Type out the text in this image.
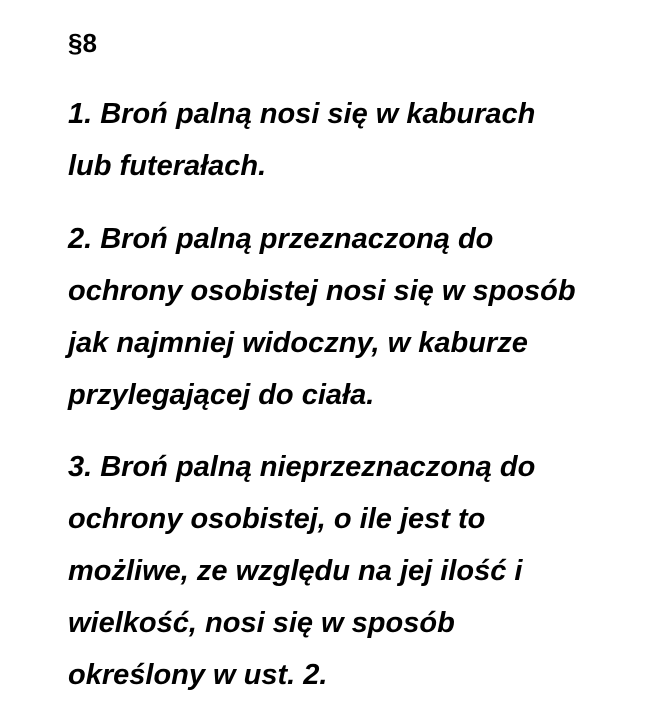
§8

1. Broń palną nosi się w kaburach
lub futerałach.

2. Broń palną przeznaczoną do
ochrony osobistej nosi się w sposób
jak najmniej widoczny, w kaburze
przylegającej do ciała.

3. Broń palną nieprzeznaczoną do
ochrony osobistej, o ile jest to
możliwe, ze względu na jej ilość i
wielkość, nosi się w sposób
określony w ust. 2.
